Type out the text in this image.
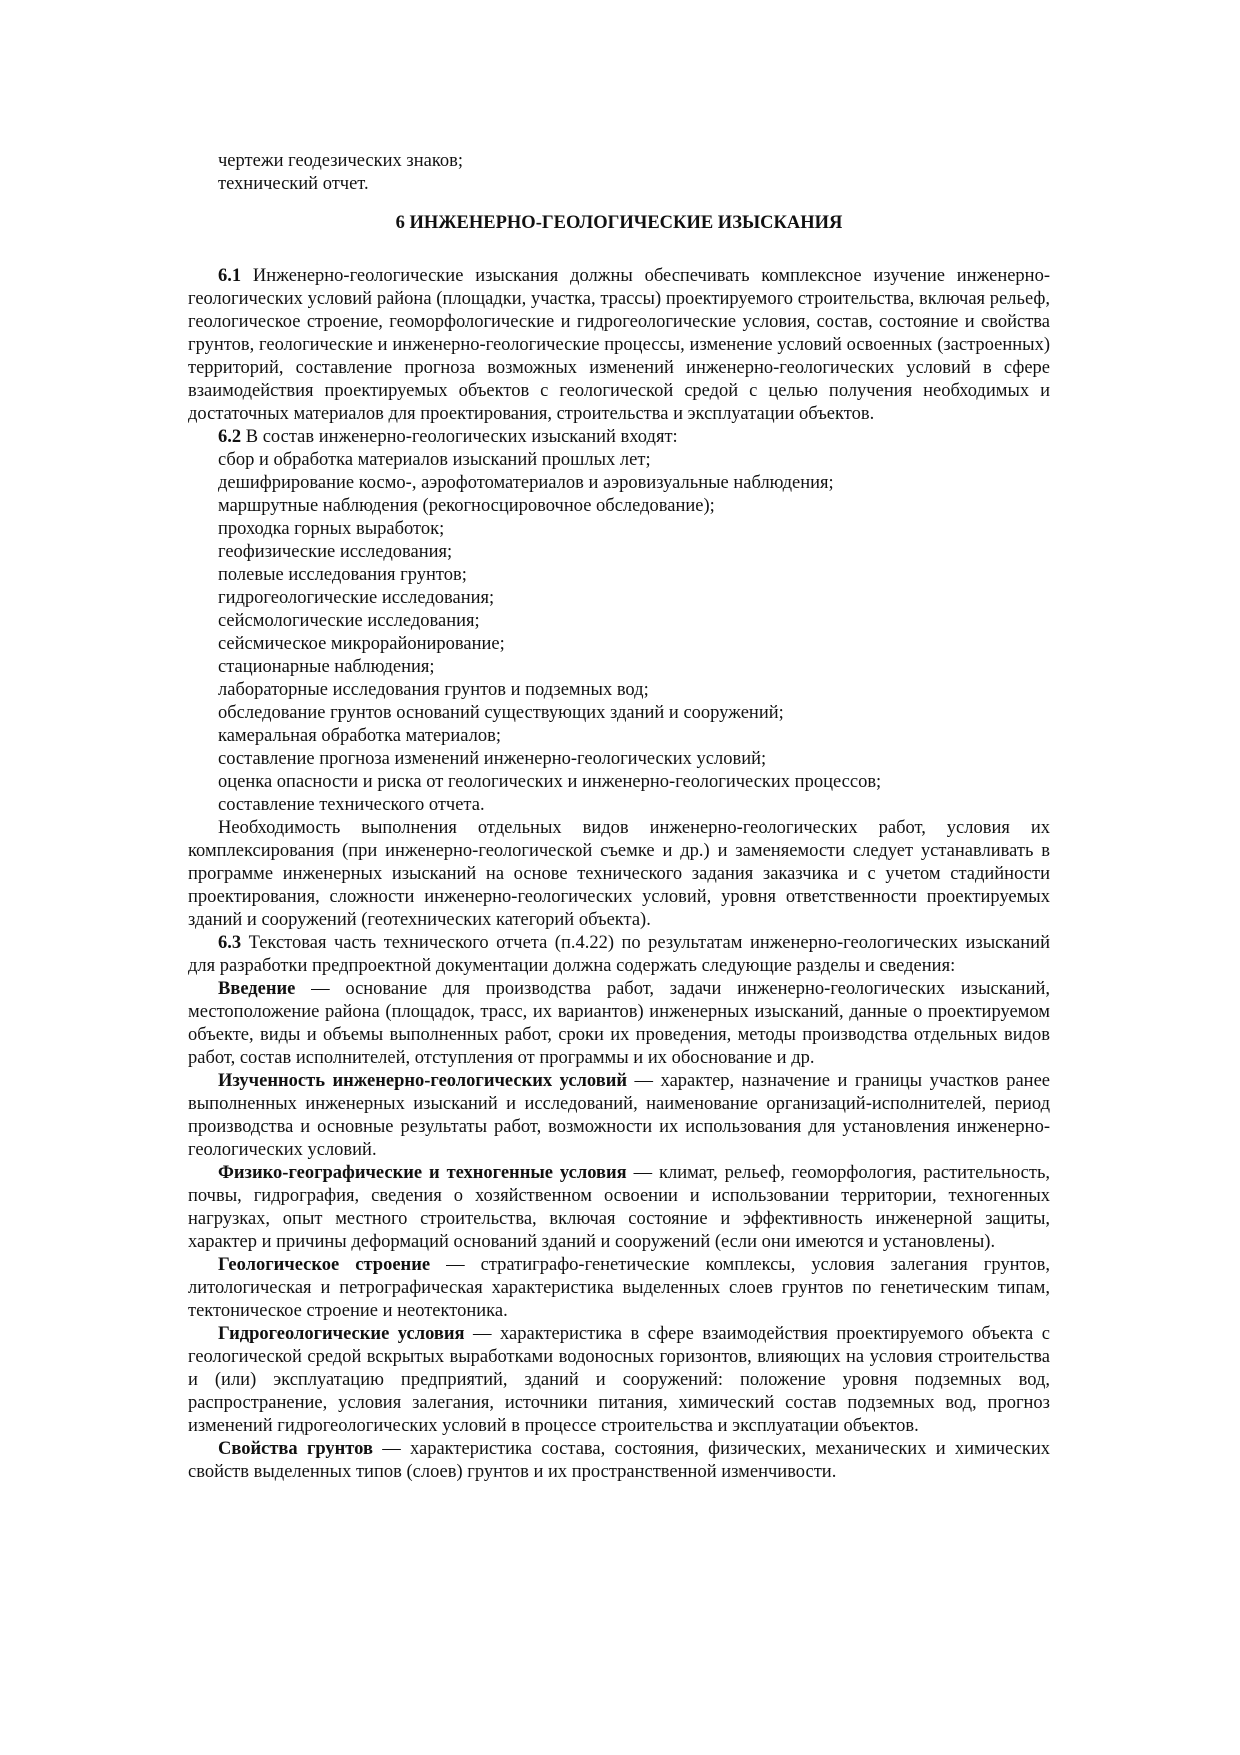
чертежи геодезических знаков;

технический отчет.

6 ИНЖЕНЕРНО-ГЕОЛОГИЧЕСКИЕ ИЗЫСКАНИЯ

6.1 Инженерно-геологические изыскания должны обеспечивать комплексное изучение инженерно-геологических условий района (площадки, участка, трассы) проектируемого строительства, включая рельеф, геологическое строение, геоморфологические и гидрогеологические условия, состав, состояние и свойства грунтов, геологические и инженерно-геологические процессы, изменение условий освоенных (застроенных) территорий, составление прогноза возможных изменений инженерно-геологических условий в сфере взаимодействия проектируемых объектов с геологической средой с целью получения необходимых и достаточных материалов для проектирования, строительства и эксплуатации объектов.

6.2 В состав инженерно-геологических изысканий входят:

сбор и обработка материалов изысканий прошлых лет;

дешифрирование космо-, аэрофотоматериалов и аэровизуальные наблюдения;

маршрутные наблюдения (рекогносцировочное обследование);

проходка горных выработок;

геофизические исследования;

полевые исследования грунтов;

гидрогеологические исследования;

сейсмологические исследования;

сейсмическое микрорайонирование;

стационарные наблюдения;

лабораторные исследования грунтов и подземных вод;

обследование грунтов оснований существующих зданий и сооружений;

камеральная обработка материалов;

составление прогноза изменений инженерно-геологических условий;

оценка опасности и риска от геологических и инженерно-геологических процессов;

составление технического отчета.

Необходимость выполнения отдельных видов инженерно-геологических работ, условия их комплексирования (при инженерно-геологической съемке и др.) и заменяемости следует устанавливать в программе инженерных изысканий на основе технического задания заказчика и с учетом стадийности проектирования, сложности инженерно-геологических условий, уровня ответственности проектируемых зданий и сооружений (геотехнических категорий объекта).

6.3 Текстовая часть технического отчета (п.4.22) по результатам инженерно-геологических изысканий для разработки предпроектной документации должна содержать следующие разделы и сведения:

Введение — основание для производства работ, задачи инженерно-геологических изысканий, местоположение района (площадок, трасс, их вариантов) инженерных изысканий, данные о проектируемом объекте, виды и объемы выполненных работ, сроки их проведения, методы производства отдельных видов работ, состав исполнителей, отступления от программы и их обоснование и др.

Изученность инженерно-геологических условий — характер, назначение и границы участков ранее выполненных инженерных изысканий и исследований, наименование организаций-исполнителей, период производства и основные результаты работ, возможности их использования для установления инженерно-геологических условий.

Физико-географические и техногенные условия — климат, рельеф, геоморфология, растительность, почвы, гидрография, сведения о хозяйственном освоении и использовании территории, техногенных нагрузках, опыт местного строительства, включая состояние и эффективность инженерной защиты, характер и причины деформаций оснований зданий и сооружений (если они имеются и установлены).

Геологическое строение — стратиграфо-генетические комплексы, условия залегания грунтов, литологическая и петрографическая характеристика выделенных слоев грунтов по генетическим типам, тектоническое строение и неотектоника.

Гидрогеологические условия — характеристика в сфере взаимодействия проектируемого объекта с геологической средой вскрытых выработками водоносных горизонтов, влияющих на условия строительства и (или) эксплуатацию предприятий, зданий и сооружений: положение уровня подземных вод, распространение, условия залегания, источники питания, химический состав подземных вод, прогноз изменений гидрогеологических условий в процессе строительства и эксплуатации объектов.

Свойства грунтов — характеристика состава, состояния, физических, механических и химических свойств выделенных типов (слоев) грунтов и их пространственной изменчивости.
